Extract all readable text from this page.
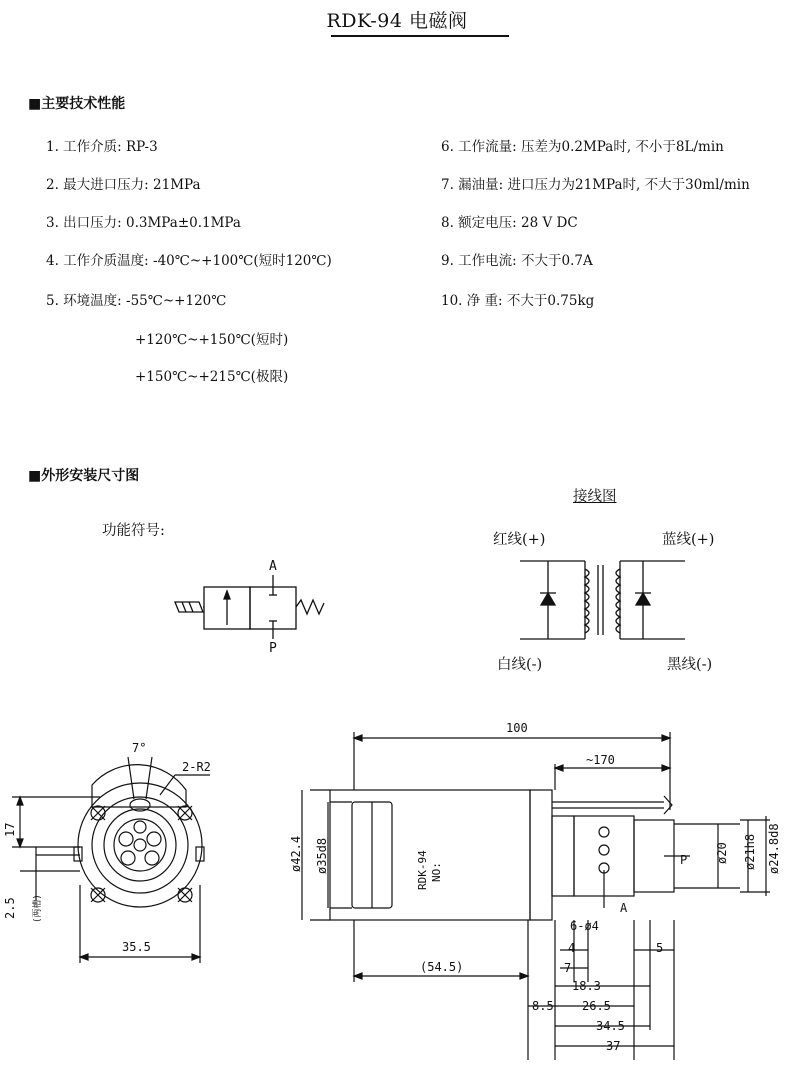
RDK-94 电磁阀
■主要技术性能
1. 工作介质: RP-3
2. 最大进口压力: 21MPa
3. 出口压力: 0.3MPa±0.1MPa
4. 工作介质温度: -40℃~+100℃(短时120℃)
5. 环境温度: -55℃~+120℃
+120℃~+150℃(短时)
+150℃~+215℃(极限)
6. 工作流量: 压差为0.2MPa时, 不小于8L/min
7. 漏油量: 进口压力为21MPa时, 不大于30ml/min
8. 额定电压: 28 V DC
9. 工作电流: 不大于0.7A
10. 净 重: 不大于0.75kg
■外形安装尺寸图
功能符号:
A
P
接线图
红线(+)	蓝线(+)
白线(-)	黑线(-)
7°
2-R2
17
2.5 (两槽)
35.5
100
~170
ø42.4 ø35d8	RDK-94 NO:
6-ø4
A
P ø20 ø21h8 ø24.8d8
4	5
7
(54.5)
18.3
8.5 26.5
34.5
37
